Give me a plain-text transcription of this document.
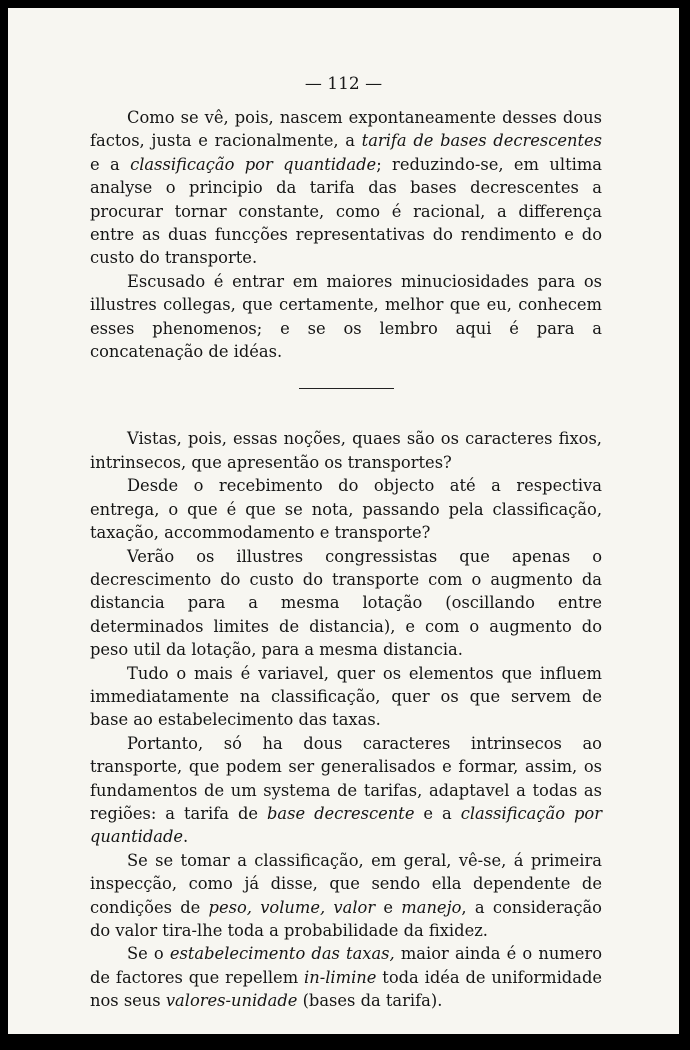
— 112 —

Como se vê, pois, nascem expontaneamente desses dous factos, justa e racionalmente, a tarifa de bases decrescentes e a classificação por quantidade; reduzindo-se, em ultima analyse o principio da tarifa das bases decrescentes a procurar tornar constante, como é racional, a differença entre as duas funcções representativas do rendimento e do custo do transporte.

Escusado é entrar em maiores minuciosidades para os illustres collegas, que certamente, melhor que eu, conhecem esses phenomenos; e se os lembro aqui é para a concatenação de idéas.

Vistas, pois, essas noções, quaes são os caracteres fixos, intrinsecos, que apresentão os transportes?

Desde o recebimento do objecto até a respectiva entrega, o que é que se nota, passando pela classificação, taxação, accommodamento e transporte?

Verão os illustres congressistas que apenas o decrescimento do custo do transporte com o augmento da distancia para a mesma lotação (oscillando entre determinados limites de distancia), e com o augmento do peso util da lotação, para a mesma distancia.

Tudo o mais é variavel, quer os elementos que influem immediatamente na classificação, quer os que servem de base ao estabelecimento das taxas.

Portanto, só ha dous caracteres intrinsecos ao transporte, que podem ser generalisados e formar, assim, os fundamentos de um systema de tarifas, adaptavel a todas as regiões: a tarifa de base decrescente e a classificação por quantidade.

Se se tomar a classificação, em geral, vê-se, á primeira inspecção, como já disse, que sendo ella dependente de condições de peso, volume, valor e manejo, a consideração do valor tira-lhe toda a probabilidade da fixidez.

Se o estabelecimento das taxas, maior ainda é o numero de factores que repellem in-limine toda idéa de uniformidade nos seus valores-unidade (bases da tarifa).
